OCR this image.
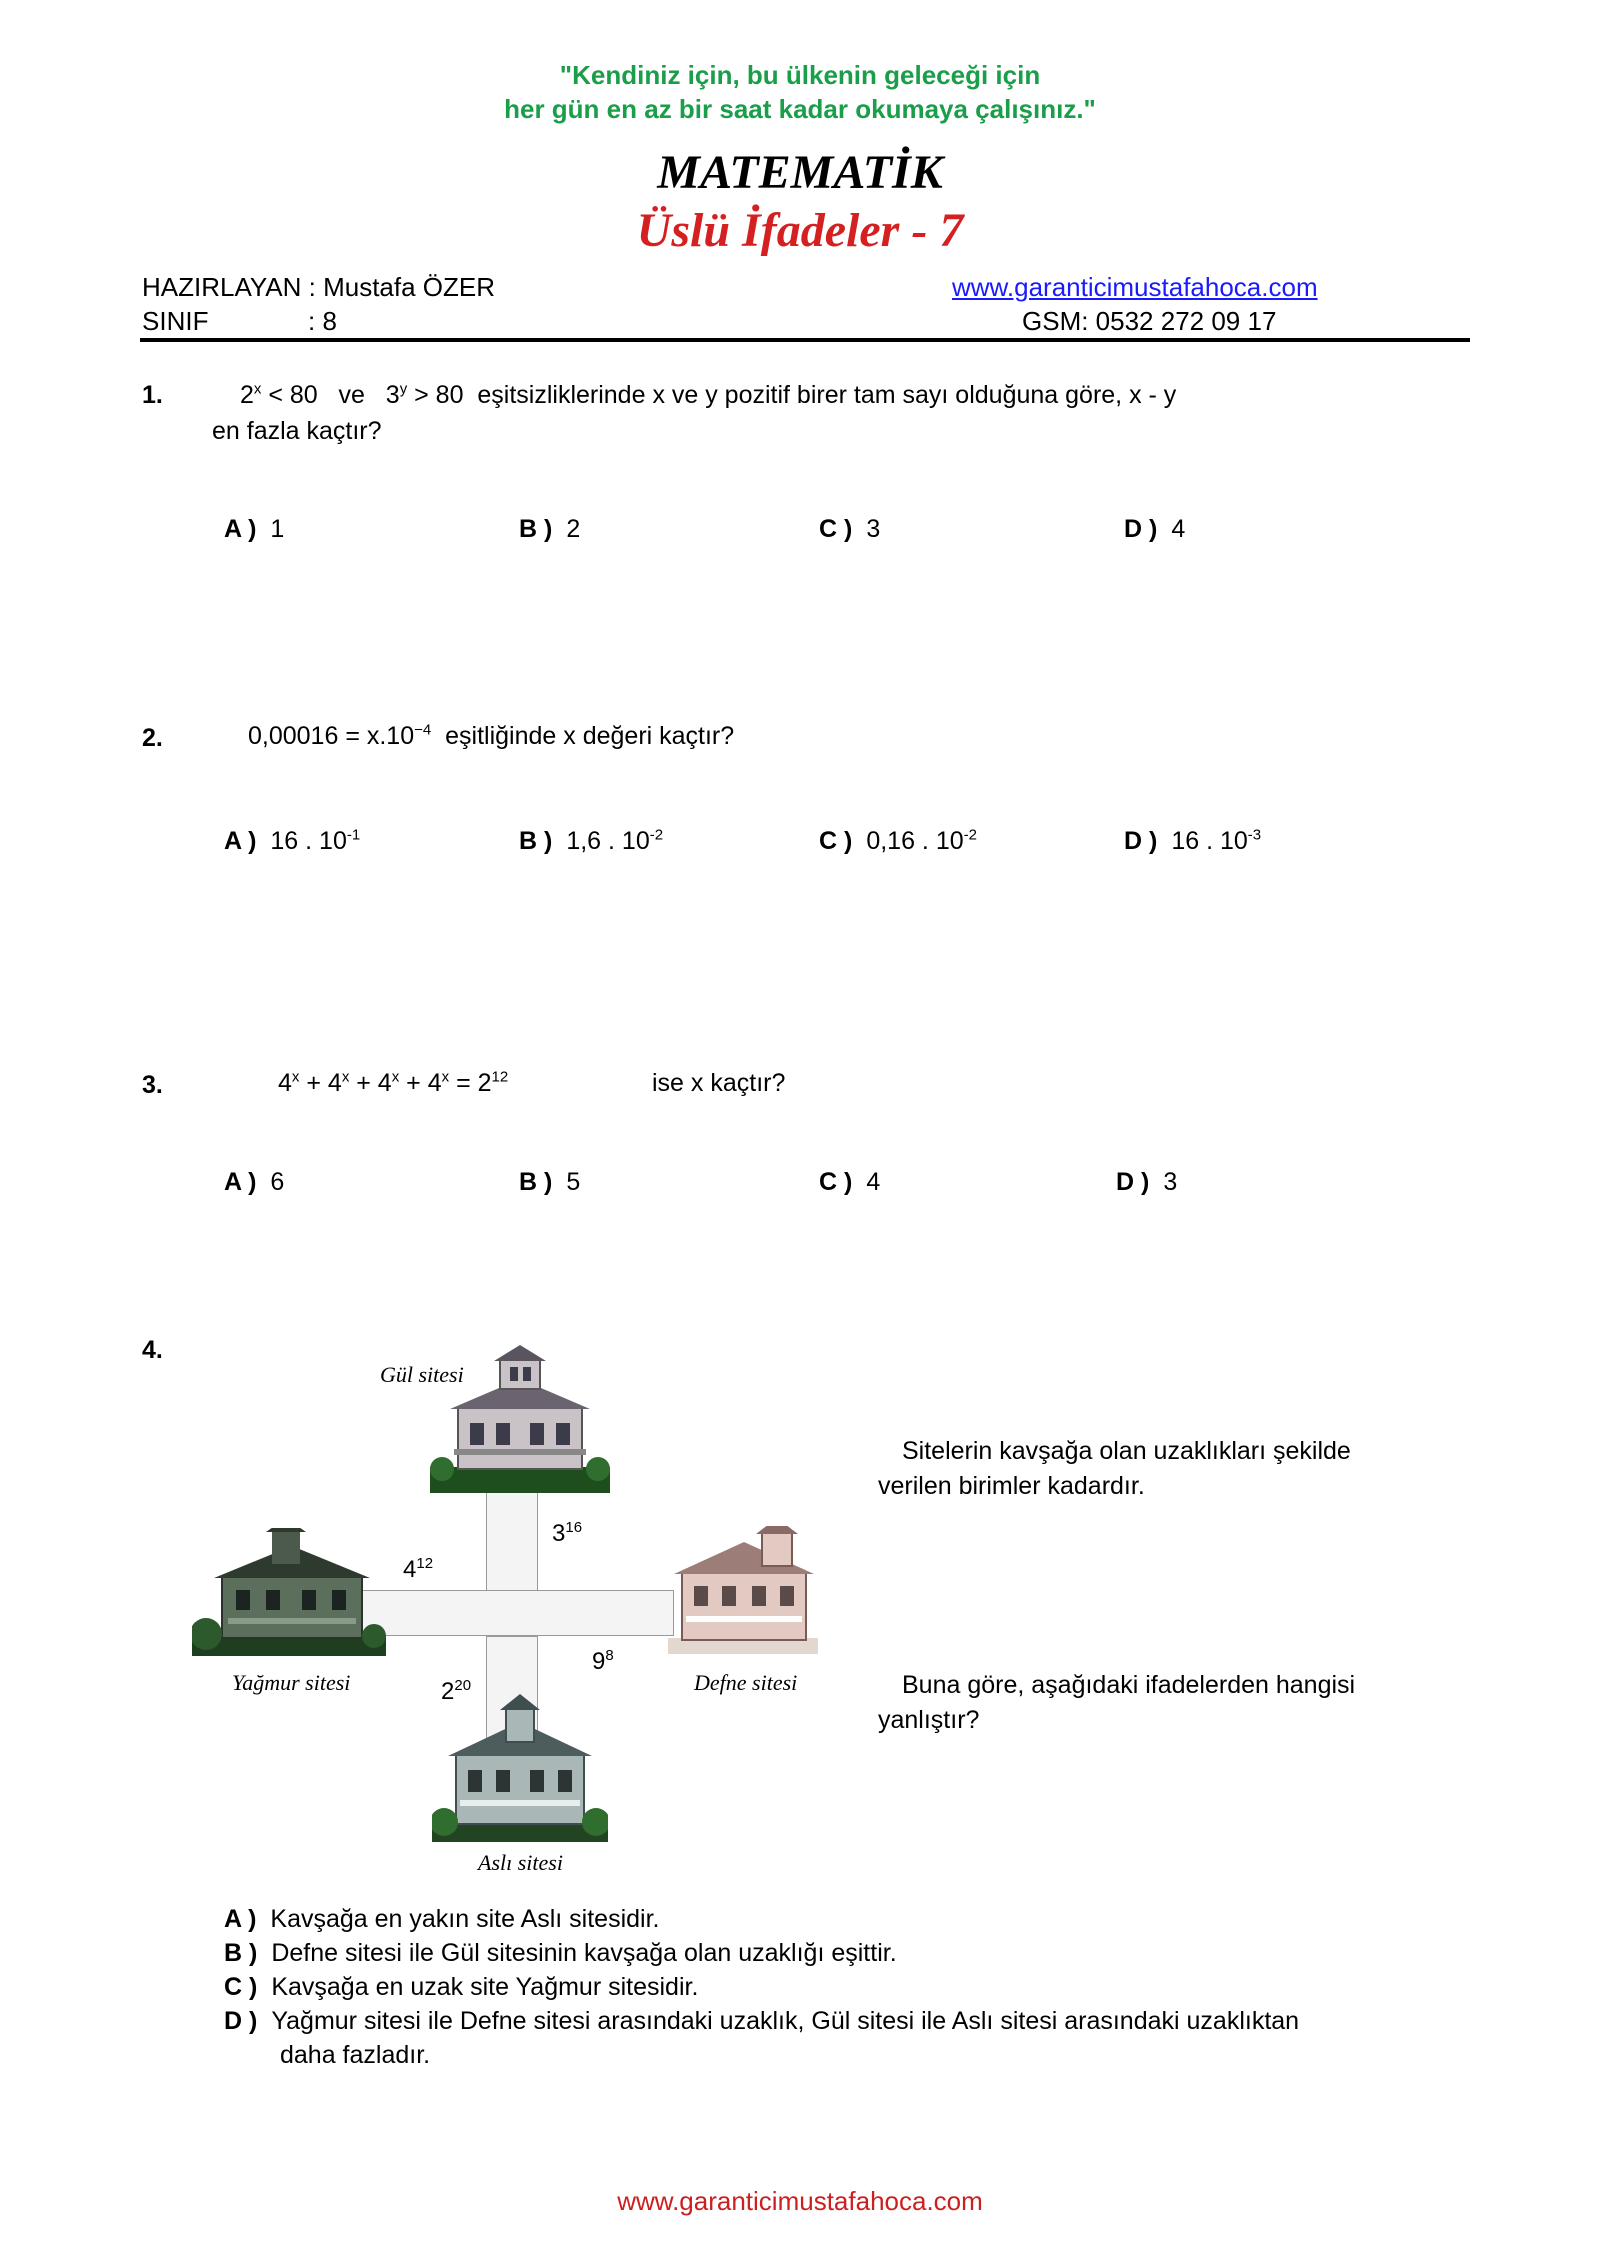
"Kendiniz için, bu ülkenin geleceği için
her gün en az bir saat kadar okumaya çalışınız."
MATEMATİK
Üslü İfadeler - 7
HAZIRLAYAN : Mustafa ÖZER
SINIF	: 8
www.garanticimustafahoca.com
GSM: 0532 272 09 17
1.	$2^x < 80$   ve   $3^y > 80$  eşitsizliklerinde x ve y pozitif birer tam sayı olduğuna göre, x - y
en fazla kaçtır?
A ) 1	B ) 2	C ) 3	D ) 4
2.	$0,00016 = x.10^{-4}$  eşitliğinde x değeri kaçtır?
A ) 16 . $10^{-1}$	B ) 1,6 . $10^{-2}$	C ) 0,16 . $10^{-2}$	D ) 16 . $10^{-3}$
3.	$4^x + 4^x + 4^x + 4^x = 2^{12}$	ise x kaçtır?
A ) 6	B ) 5	C ) 4	D ) 3
4.
Gül sitesi
Yağmur sitesi	Defne sitesi
Aslı sitesi
$3^{16}$
$4^{12}$
$9^8$
$2^{20}$
Sitelerin kavşağa olan uzaklıkları şekilde
verilen birimler kadardır.
Buna göre, aşağıdaki ifadelerden hangisi
yanlıştır?
A ) Kavşağa en yakın site Aslı sitesidir.
B ) Defne sitesi ile Gül sitesinin kavşağa olan uzaklığı eşittir.
C ) Kavşağa en uzak site Yağmur sitesidir.
D ) Yağmur sitesi ile Defne sitesi arasındaki uzaklık, Gül sitesi ile Aslı sitesi arasındaki uzaklıktan
daha fazladır.
www.garanticimustafahoca.com
